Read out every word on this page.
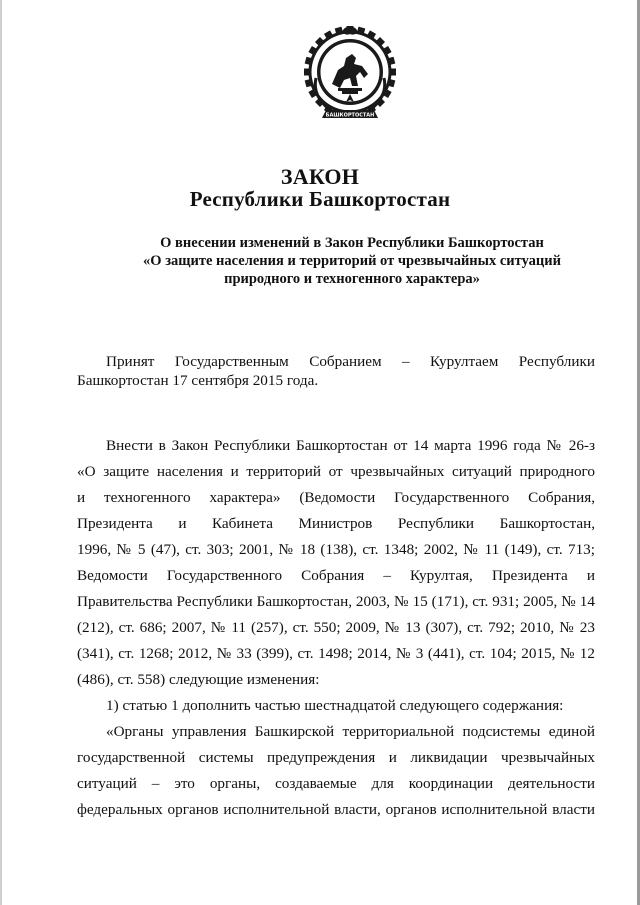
БАШКОРТОСТАН
ЗАКОН
Республики Башкортостан
О внесении изменений в Закон Республики Башкортостан
«О защите населения и территорий от чрезвычайных ситуаций
природного и техногенного характера»
Принят Государственным Собранием – Курултаем Республики
Башкортостан 17 сентября 2015 года.
Внести в Закон Республики Башкортостан от 14 марта 1996 года № 26-з
«О защите населения и территорий от чрезвычайных ситуаций природного
и техногенного характера» (Ведомости Государственного Собрания,
Президента и Кабинета Министров Республики Башкортостан,
1996, № 5 (47), ст. 303; 2001, № 18 (138), ст. 1348; 2002, № 11 (149), ст. 713;
Ведомости Государственного Собрания – Курултая, Президента и
Правительства Республики Башкортостан, 2003, № 15 (171), ст. 931; 2005, № 14
(212), ст. 686; 2007, № 11 (257), ст. 550; 2009, № 13 (307), ст. 792; 2010, № 23
(341), ст. 1268; 2012, № 33 (399), ст. 1498; 2014, № 3 (441), ст. 104; 2015, № 12
(486), ст. 558) следующие изменения:
1) статью 1 дополнить частью шестнадцатой следующего содержания:
«Органы управления Башкирской территориальной подсистемы единой
государственной системы предупреждения и ликвидации чрезвычайных
ситуаций – это органы, создаваемые для координации деятельности
федеральных органов исполнительной власти, органов исполнительной власти
